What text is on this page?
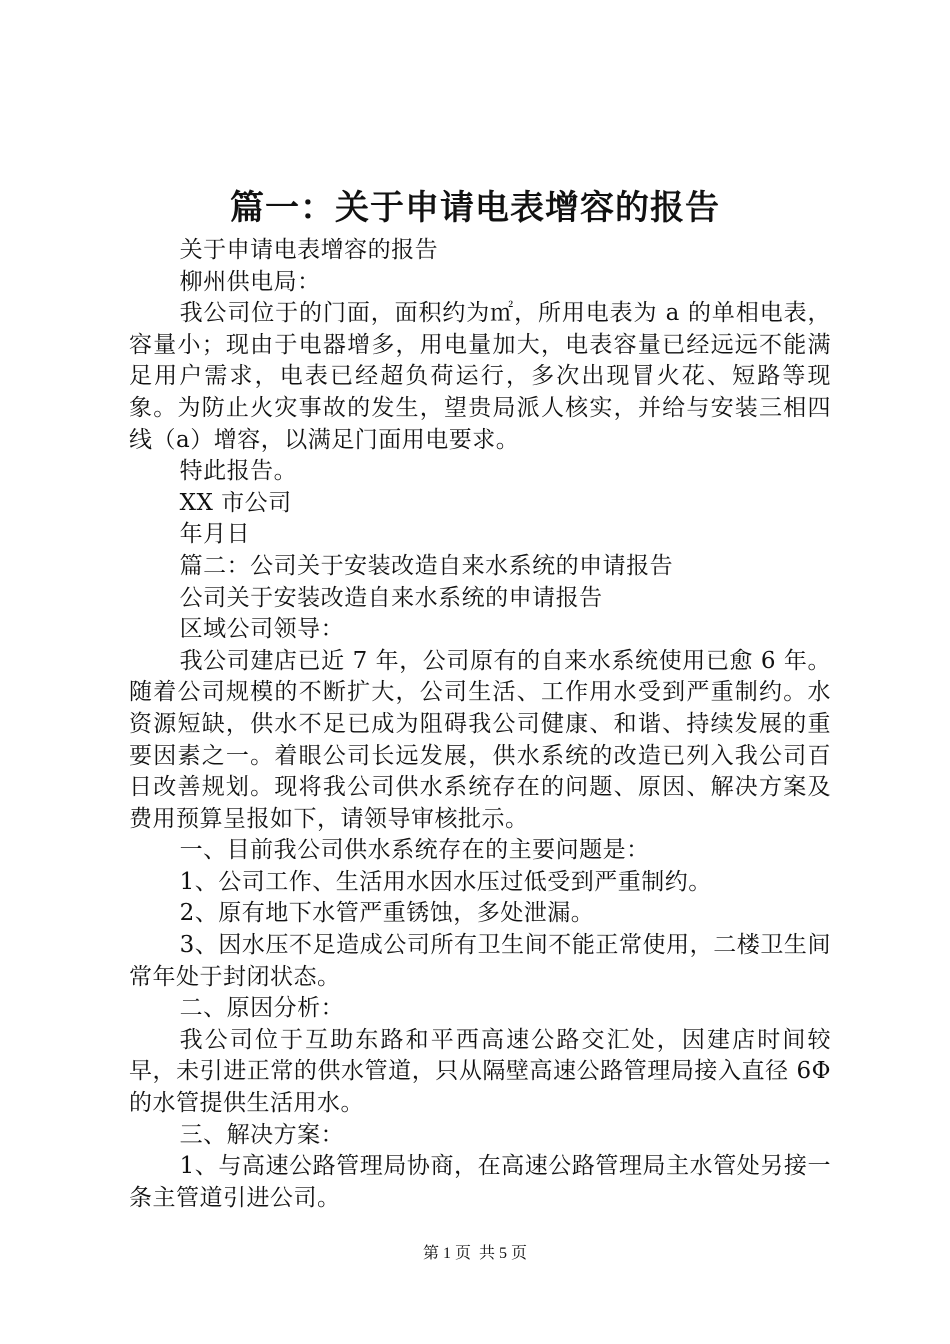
篇一：关于申请电表增容的报告

关于申请电表增容的报告

柳州供电局：

我公司位于的门面，面积约为㎡，所用电表为 a 的单相电表，容量小；现由于电器增多，用电量加大，电表容量已经远远不能满足用户需求，电表已经超负荷运行，多次出现冒火花、短路等现象。为防止火灾事故的发生，望贵局派人核实，并给与安装三相四线（a）增容，以满足门面用电要求。

特此报告。

XX 市公司

年月日

篇二：公司关于安装改造自来水系统的申请报告

公司关于安装改造自来水系统的申请报告

区域公司领导：

我公司建店已近 7 年，公司原有的自来水系统使用已愈 6 年。随着公司规模的不断扩大，公司生活、工作用水受到严重制约。水资源短缺，供水不足已成为阻碍我公司健康、和谐、持续发展的重要因素之一。着眼公司长远发展，供水系统的改造已列入我公司百日改善规划。现将我公司供水系统存在的问题、原因、解决方案及费用预算呈报如下，请领导审核批示。

一、目前我公司供水系统存在的主要问题是：

1、公司工作、生活用水因水压过低受到严重制约。

2、原有地下水管严重锈蚀，多处泄漏。

3、因水压不足造成公司所有卫生间不能正常使用，二楼卫生间常年处于封闭状态。

二、原因分析：

我公司位于互助东路和平西高速公路交汇处，因建店时间较早，未引进正常的供水管道，只从隔壁高速公路管理局接入直径 6Φ 的水管提供生活用水。

三、解决方案：

1、与高速公路管理局协商，在高速公路管理局主水管处另接一条主管道引进公司。

第 1 页 共 5 页
